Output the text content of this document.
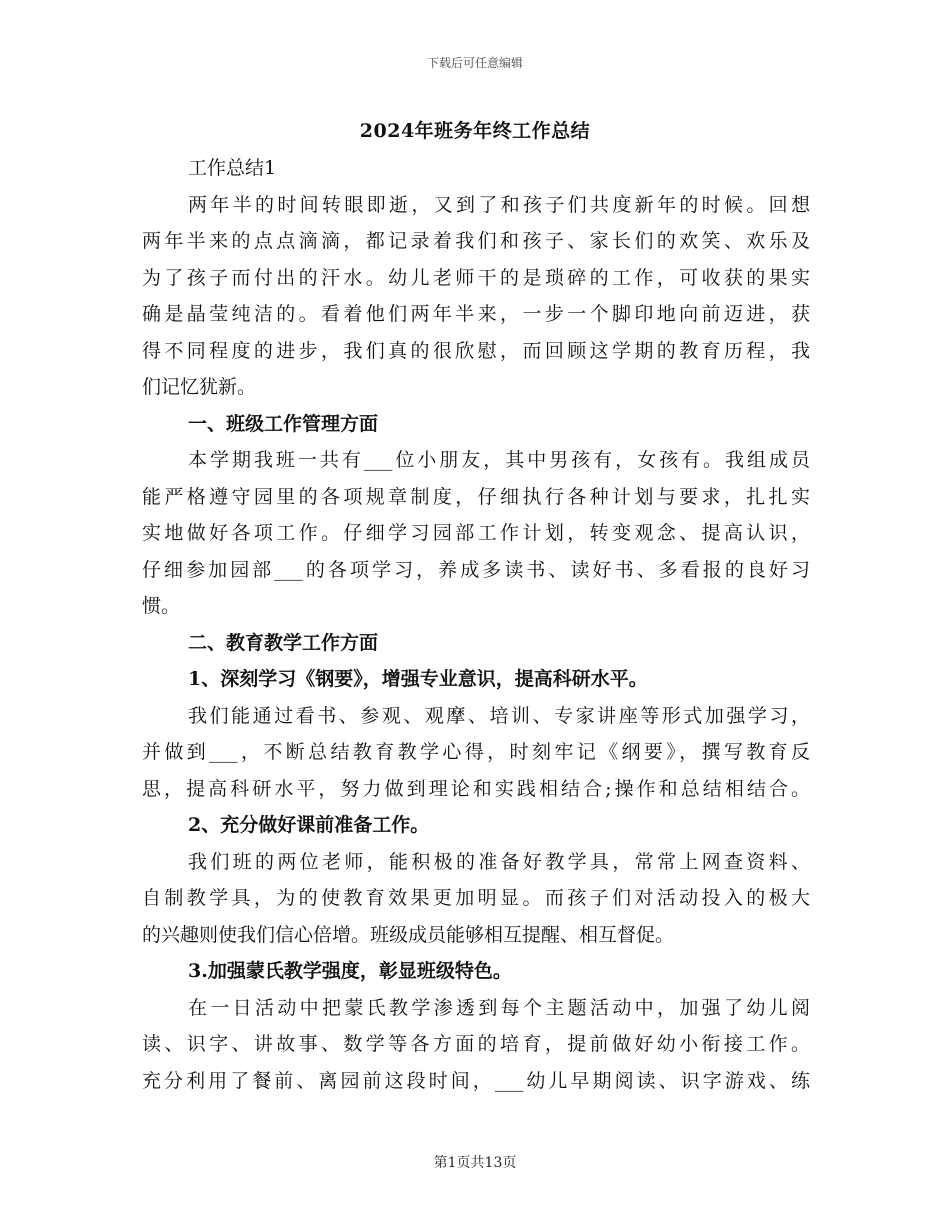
下载后可任意编辑
2024年班务年终工作总结
工作总结1
两年半的时间转眼即逝，又到了和孩子们共度新年的时候。回想
两年半来的点点滴滴，都记录着我们和孩子、家长们的欢笑、欢乐及
为了孩子而付出的汗水。幼儿老师干的是琐碎的工作，可收获的果实
确是晶莹纯洁的。看着他们两年半来，一步一个脚印地向前迈进，获
得不同程度的进步，我们真的很欣慰，而回顾这学期的教育历程，我
们记忆犹新。
一、班级工作管理方面
本学期我班一共有___位小朋友，其中男孩有，女孩有。我组成员
能严格遵守园里的各项规章制度，仔细执行各种计划与要求，扎扎实
实地做好各项工作。仔细学习园部工作计划，转变观念、提高认识，
仔细参加园部___的各项学习，养成多读书、读好书、多看报的良好习
惯。
二、教育教学工作方面
1、深刻学习《钢要》，增强专业意识，提高科研水平。
我们能通过看书、参观、观摩、培训、专家讲座等形式加强学习，
并做到___，不断总结教育教学心得，时刻牢记《纲要》，撰写教育反
思，提高科研水平，努力做到理论和实践相结合;操作和总结相结合。
2、充分做好课前准备工作。
我们班的两位老师，能积极的准备好教学具，常常上网查资料、
自制教学具，为的使教育效果更加明显。而孩子们对活动投入的极大
的兴趣则使我们信心倍增。班级成员能够相互提醒、相互督促。
3.加强蒙氏教学强度，彰显班级特色。
在一日活动中把蒙氏教学渗透到每个主题活动中，加强了幼儿阅
读、识字、讲故事、数学等各方面的培育，提前做好幼小衔接工作。
充分利用了餐前、离园前这段时间，___幼儿早期阅读、识字游戏、练
第1页共13页
